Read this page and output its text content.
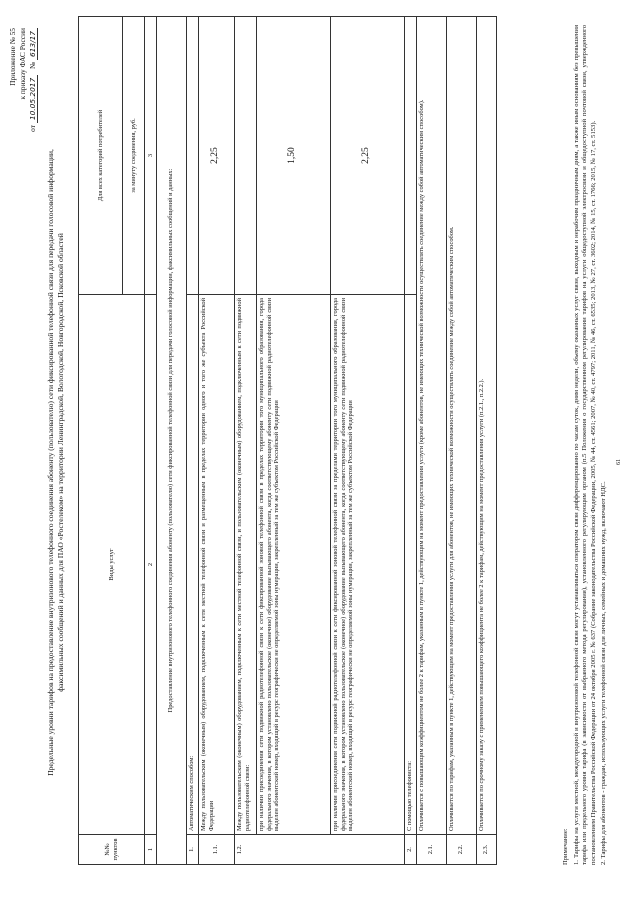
Приложение № 55 к приказу ФАС России
от 10.05.2017 № 613/17
Предельные уровни тарифов на предоставление внутризонового телефонного соединения абоненту (пользователю) сети фиксированной телефонной связи для передачи голосовой информации, факсимильных сообщений и данных для ПАО «Ростелеком» на территории Ленинградской, Вологодской, Новгородской, Псковской областей
№№ пунктов	Виды услуг	Для всех категорий потребителей
		за минуту соединения, руб.
1	2	3
Предоставление внутризонового телефонного соединения абоненту (пользователю) сети фиксированной телефонной связи для передачи голосовой информации, факсимильных сообщений и данных:		
1.	Автоматическим способом:	
1.1.	Между пользовательским (оконечным) оборудованием, подключенным к сети местной телефонной связи и размещенным в пределах территории одного и того же субъекта Российской Федерации	2,25
1.2.	Между пользовательским (оконечным) оборудованием, подключенным к сети местной телефонной связи, и пользовательским (оконечным) оборудованием, подключенным к сети подвижной радиотелефонной связи:	
	при наличии присоединения сети подвижной радиотелефонной связи к сети фиксированной зоновой телефонной связи в пределах территории того муниципального образования, города федерального значения, в котором установлено пользовательское (оконечное) оборудование вызывающего абонента, когда соответствующему абоненту сети подвижной радиотелефонной связи выделен абонентский номер, входящий в ресурс географически не определяемой зоны нумерации, закрепленный за тем же субъектом Российской Федерации	1,50
	при наличии присоединения сети подвижной радиотелефонной связи к сети фиксированной зоновой телефонной связи за пределами территории того муниципального образования, города федерального значения, в котором установлено пользовательское (оконечное) оборудование вызывающего абонента, когда соответствующему абоненту сети подвижной радиотелефонной связи выделен абонентский номер, входящий в ресурс географически не определяемой зоны нумерации, закрепленный за тем же субъектом Российской Федерации	2,25
2.	С помощью телефониста:	
2.1.	Оплачивается с повышающим коэффициентом не более 2 к тарифам, указанным в пункте 1, действующим на момент предоставления услуги (кроме абонентов, не имеющих технической возможности осуществлять соединение между собой автоматическим способом).	
2.2.	Оплачивается по тарифам, указанным в пункте 1, действующим на момент предоставления услуги для абонентов, не имеющих технической возможности осуществлять соединение между собой автоматическим способом.	
2.3.	Оплачивается по срочному заказу с применением повышающего коэффициента не более 2 к тарифам, действующим на момент предоставления услуги (п.2.1., п.2.2.).	

Примечание: 1. Тарифы на услуги местной, междугородной и внутризоновой телефонной связи могут устанавливаться оператором связи дифференцированно по часам суток, дням недели, объему оказанных услуг связи, выходным и нерабочим праздничным дням, а также иным основаниям без превышения тарифа или предельного уровня тарифа (в зависимости от выбранного метода регулирования), установленного регулирующим органом (п.5 Положения о государственном регулировании тарифов на услуги общедоступной электросвязи и общедоступной почтовой связи, утвержденного постановлением Правительства Российской Федерации от 24 октября 2005 г. № 637 (Собрание законодательства Российской Федерации, 2005, № 44, ст. 4561; 2007, № 40, ст. 4797; 2011, № 46, ст. 6535; 2013, № 27, ст. 3602; 2014, № 15, ст. 1766; 2015, № 17, ст. 5153). 2. Тарифы для абонентов - граждан, использующих услуги телефонной связи для личных, семейных и домашних нужд, включают НДС.

61
